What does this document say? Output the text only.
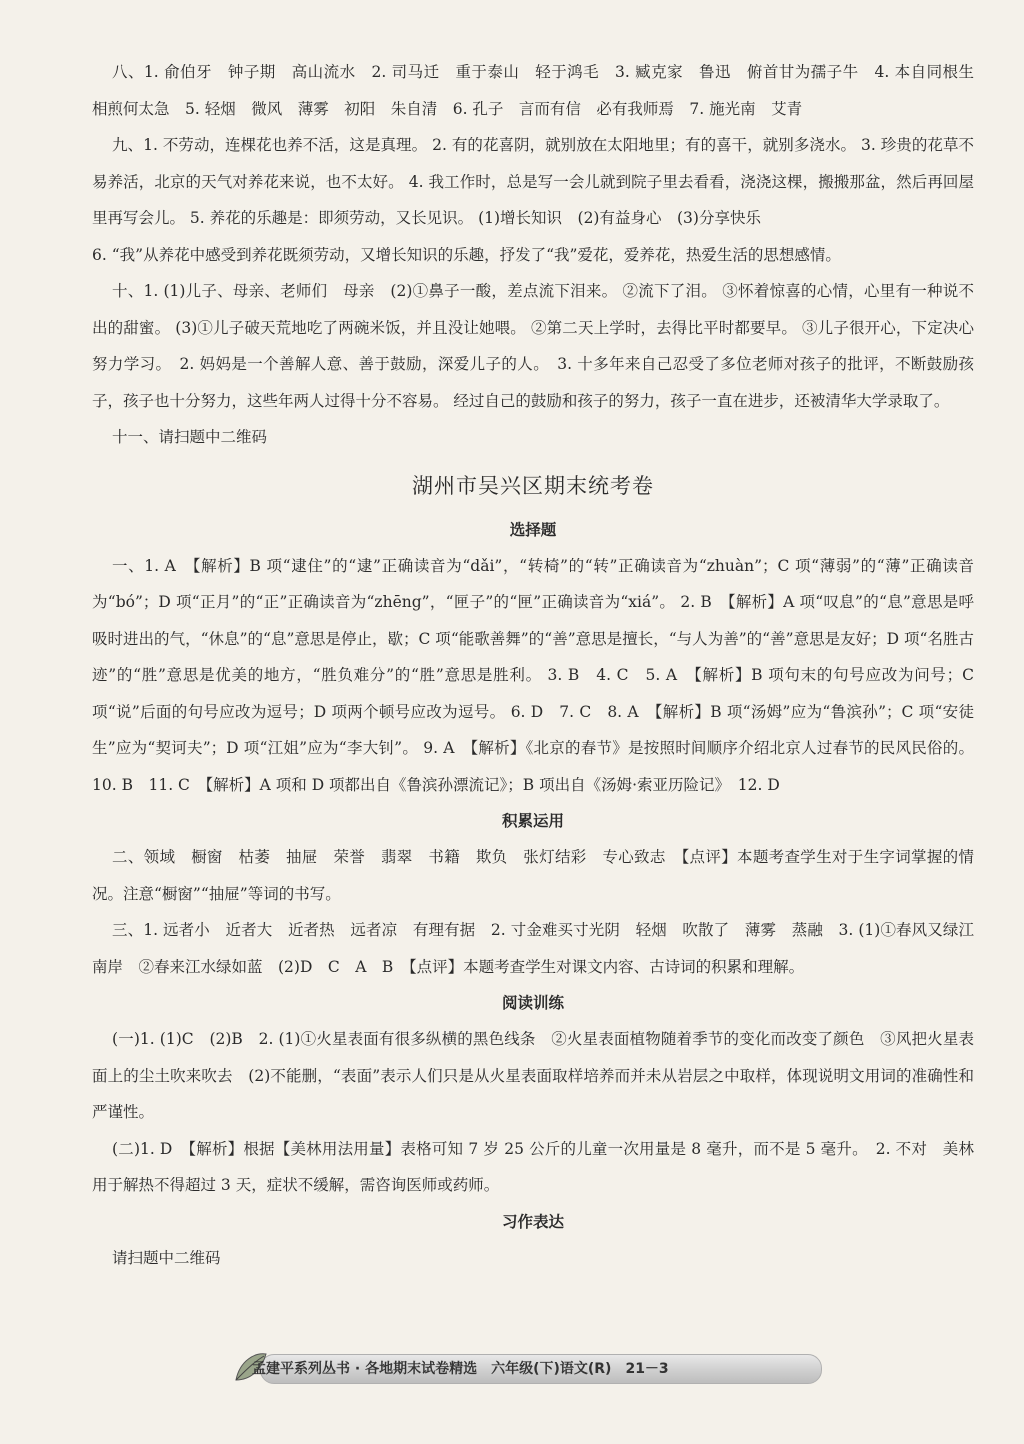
八、1. 俞伯牙　钟子期　高山流水　2. 司马迁　重于泰山　轻于鸿毛　3. 臧克家　鲁迅　俯首甘为孺子牛　4. 本自同根生　相煎何太急　5. 轻烟　微风　薄雾　初阳　朱自清　6. 孔子　言而有信　必有我师焉　7. 施光南　艾青

九、1. 不劳动，连棵花也养不活，这是真理。 2. 有的花喜阴，就别放在太阳地里；有的喜干，就别多浇水。 3. 珍贵的花草不易养活，北京的天气对养花来说，也不太好。 4. 我工作时，总是写一会儿就到院子里去看看，浇浇这棵，搬搬那盆，然后再回屋里再写会儿。 5. 养花的乐趣是：即须劳动，又长见识。 (1)增长知识　(2)有益身心　(3)分享快乐

6. “我”从养花中感受到养花既须劳动，又增长知识的乐趣，抒发了“我”爱花，爱养花，热爱生活的思想感情。

十、1. (1)儿子、母亲、老师们　母亲　(2)①鼻子一酸，差点流下泪来。 ②流下了泪。 ③怀着惊喜的心情，心里有一种说不出的甜蜜。 (3)①儿子破天荒地吃了两碗米饭，并且没让她喂。 ②第二天上学时，去得比平时都要早。 ③儿子很开心，下定决心努力学习。　2. 妈妈是一个善解人意、善于鼓励，深爱儿子的人。　3. 十多年来自己忍受了多位老师对孩子的批评，不断鼓励孩子，孩子也十分努力，这些年两人过得十分不容易。 经过自己的鼓励和孩子的努力，孩子一直在进步，还被清华大学录取了。

十一、请扫题中二维码

湖州市吴兴区期末统考卷
选择题

一、1. A　【解析】B 项“逮住”的“逮”正确读音为“dǎi”，“转椅”的“转”正确读音为“zhuàn”；C 项“薄弱”的“薄”正确读音为“bó”；D 项“正月”的“正”正确读音为“zhēng”，“匣子”的“匣”正确读音为“xiá”。 2. B　【解析】A 项“叹息”的“息”意思是呼吸时进出的气，“休息”的“息”意思是停止，歇；C 项“能歌善舞”的“善”意思是擅长，“与人为善”的“善”意思是友好；D 项“名胜古迹”的“胜”意思是优美的地方，“胜负难分”的“胜”意思是胜利。 3. B　4. C　5. A　【解析】B 项句末的句号应改为问号；C 项“说”后面的句号应改为逗号；D 项两个顿号应改为逗号。 6. D　7. C　8. A　【解析】B 项“汤姆”应为“鲁滨孙”；C 项“安徒生”应为“契诃夫”；D 项“江姐”应为“李大钊”。 9. A　【解析】《北京的春节》是按照时间顺序介绍北京人过春节的民风民俗的。 10. B　11. C　【解析】A 项和 D 项都出自《鲁滨孙漂流记》；B 项出自《汤姆·索亚历险记》　12. D

积累运用

二、领域　橱窗　枯萎　抽屉　荣誉　翡翠　书籍　欺负　张灯结彩　专心致志　【点评】本题考查学生对于生字词掌握的情况。注意“橱窗”“抽屉”等词的书写。

三、1. 远者小　近者大　近者热　远者凉　有理有据　2. 寸金难买寸光阴　轻烟　吹散了　薄雾　蒸融　3. (1)①春风又绿江南岸　②春来江水绿如蓝　(2)D　C　A　B　【点评】本题考查学生对课文内容、古诗词的积累和理解。

阅读训练

(一)1. (1)C　(2)B　2. (1)①火星表面有很多纵横的黑色线条　②火星表面植物随着季节的变化而改变了颜色　③风把火星表面上的尘土吹来吹去　(2)不能删，“表面”表示人们只是从火星表面取样培养而并未从岩层之中取样，体现说明文用词的准确性和严谨性。

(二)1. D　【解析】根据【美林用法用量】表格可知 7 岁 25 公斤的儿童一次用量是 8 毫升，而不是 5 毫升。　2. 不对　美林用于解热不得超过 3 天，症状不缓解，需咨询医师或药师。

习作表达

请扫题中二维码

孟建平系列丛书 · 各地期末试卷精选　六年级(下)语文(R) 21－3
